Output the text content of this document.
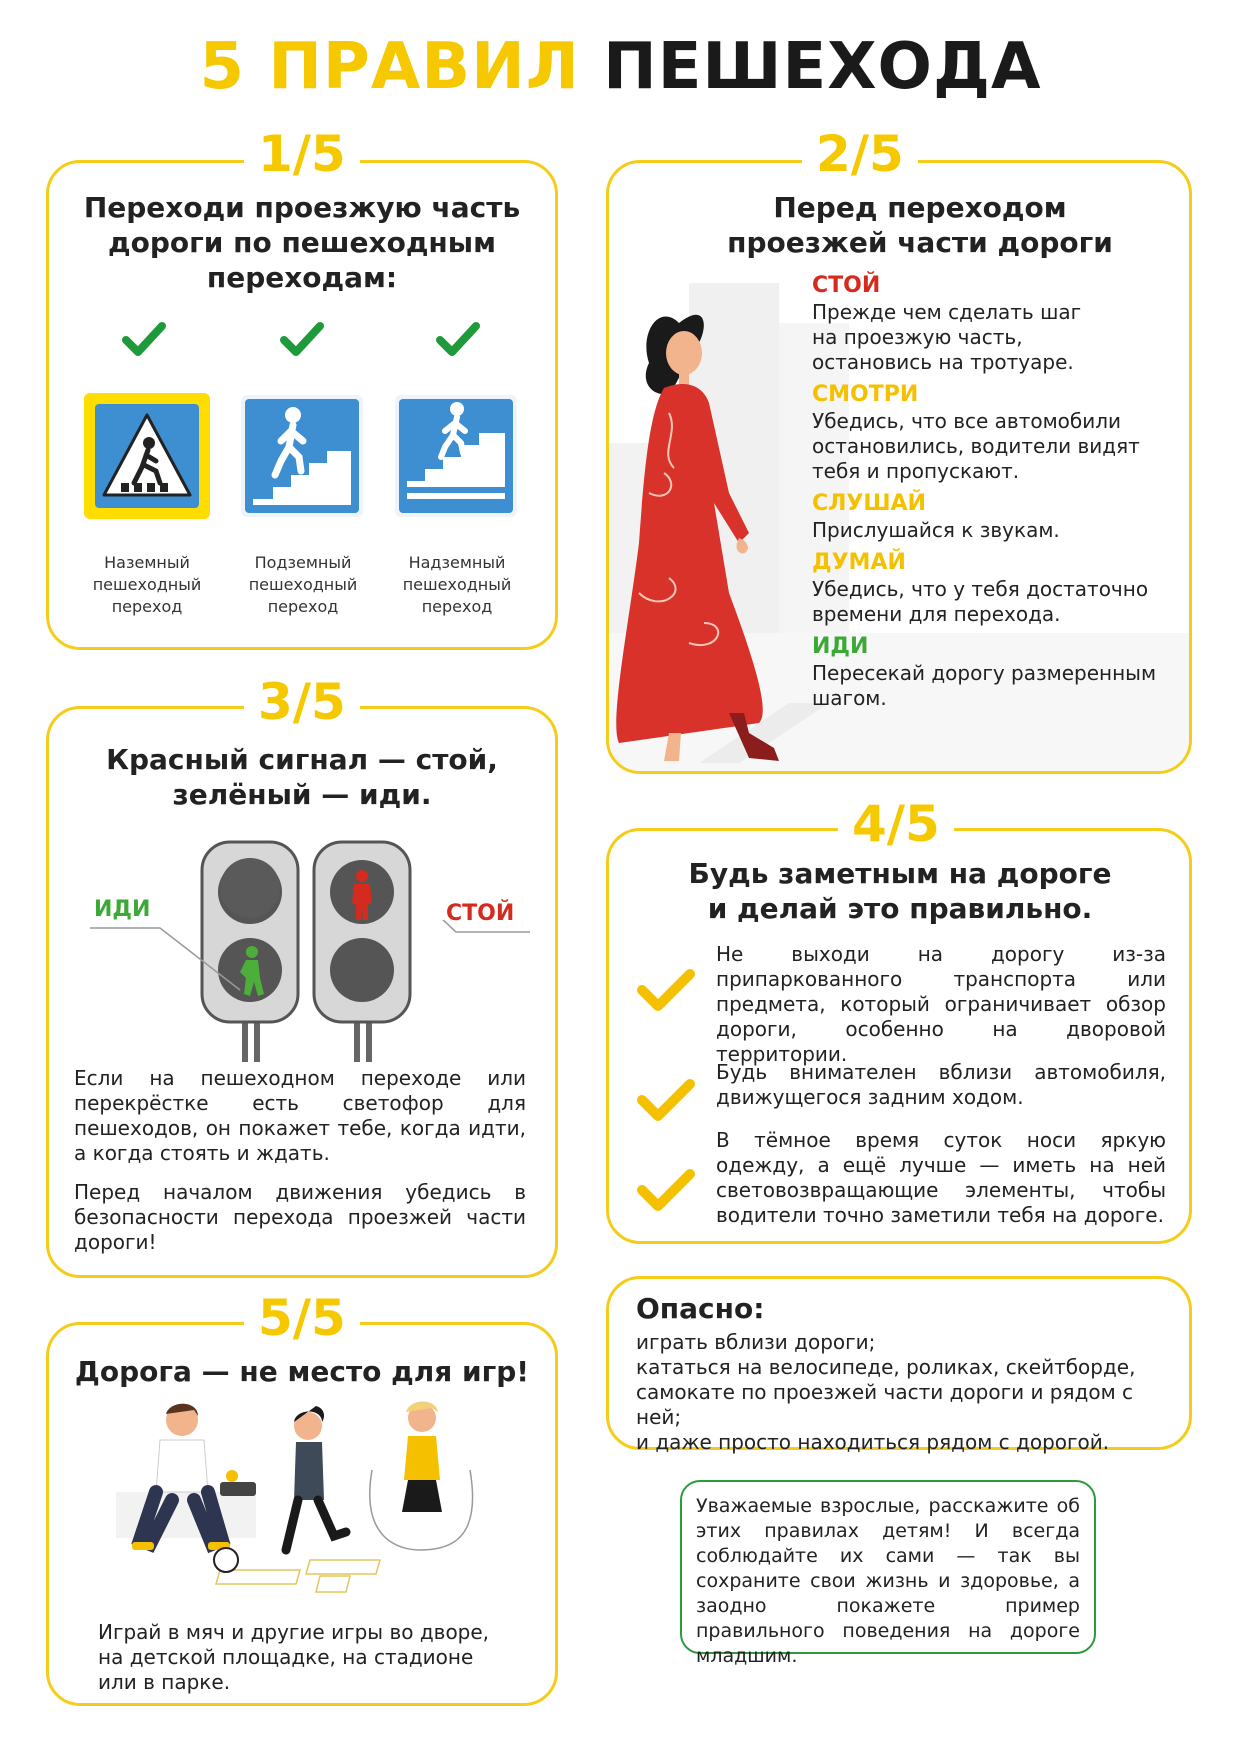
5 ПРАВИЛ ПЕШЕХОДА
1/5
Переходи проезжую часть
дороги по пешеходным
переходам:
Наземный
пешеходный
переход
Подземный
пешеходный
переход
Надземный
пешеходный
переход
2/5
Перед переходом
проезжей части дороги
СТОЙ
Прежде чем сделать шаг
на проезжую часть,
остановись на тротуаре.
СМОТРИ
Убедись, что все автомобили
остановились, водители видят
тебя и пропускают.
СЛУШАЙ
Прислушайся к звукам.
ДУМАЙ
Убедись, что у тебя достаточно
времени для перехода.
ИДИ
Пересекай дорогу размеренным
шагом.
3/5
Красный сигнал — стой,
зелёный — иди.
ИДИ	СТОЙ
Если на пешеходном переходе или перекрёстке есть светофор для пешеходов, он покажет тебе, когда идти, а когда стоять и ждать.
Перед началом движения убедись в безопасности перехода проезжей части дороги!
4/5
Будь заметным на дороге
и делай это правильно.
Не выходи на дорогу из-за припаркованного транспорта или предмета, который ограничивает обзор дороги, особенно на дворовой территории.
Будь внимателен вблизи автомобиля, движущегося задним ходом.
В тёмное время суток носи яркую одежду, а ещё лучше — иметь на ней световозвращающие элементы, чтобы водители точно заметили тебя на дороге.
Опасно:
играть вблизи дороги;
кататься на велосипеде, роликах, скейтборде,
самокате по проезжей части дороги и рядом с ней;
и даже просто находиться рядом с дорогой.
5/5
Дорога — не место для игр!
Играй в мяч и другие игры во дворе, на детской площадке, на стадионе или в парке.
Уважаемые взрослые, расскажите об этих правилах детям! И всегда соблюдайте их сами — так вы сохраните свои жизнь и здоровье, а заодно покажете пример правильного поведения на дороге младшим.
